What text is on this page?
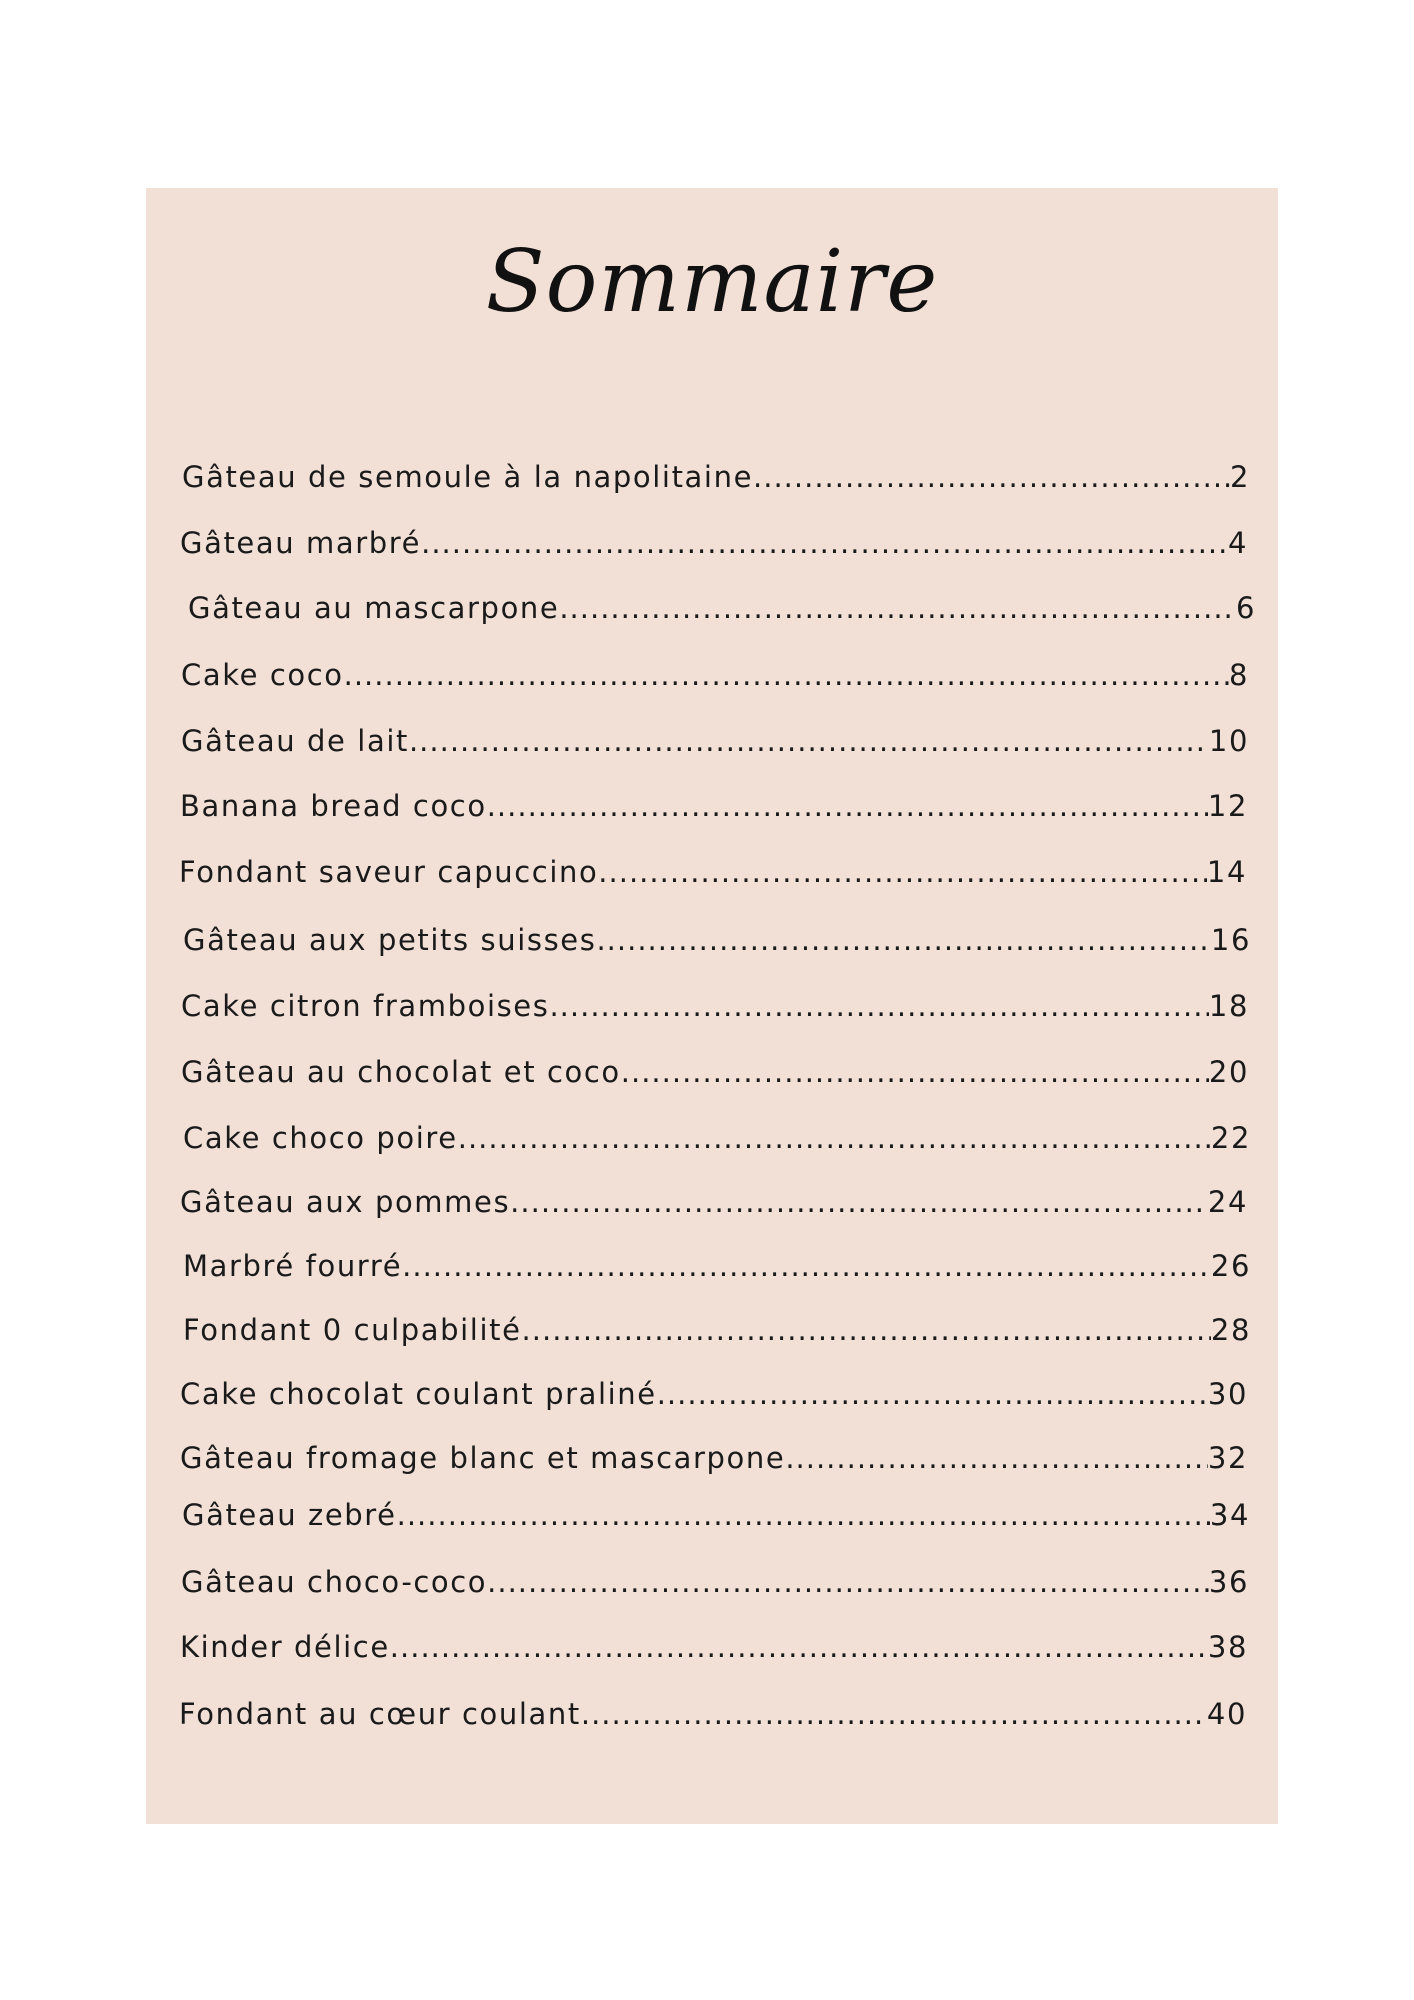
Sommaire
Gâteau de semoule à la napolitaine .....	2
Gâteau marbré .....	4
Gâteau au mascarpone .....	6
Cake coco .....	8
Gâteau de lait .....	10
Banana bread coco .....	12
Fondant saveur capuccino .....	14
Gâteau aux petits suisses .....	16
Cake citron framboises .....	18
Gâteau au chocolat et coco .....	20
Cake choco poire .....	22
Gâteau aux pommes .....	24
Marbré fourré .....	26
Fondant 0 culpabilité .....	28
Cake chocolat coulant praliné .....	30
Gâteau fromage blanc et mascarpone .....	32
Gâteau zebré .....	34
Gâteau choco-coco .....	36
Kinder délice .....	38
Fondant au cœur coulant .....	40
